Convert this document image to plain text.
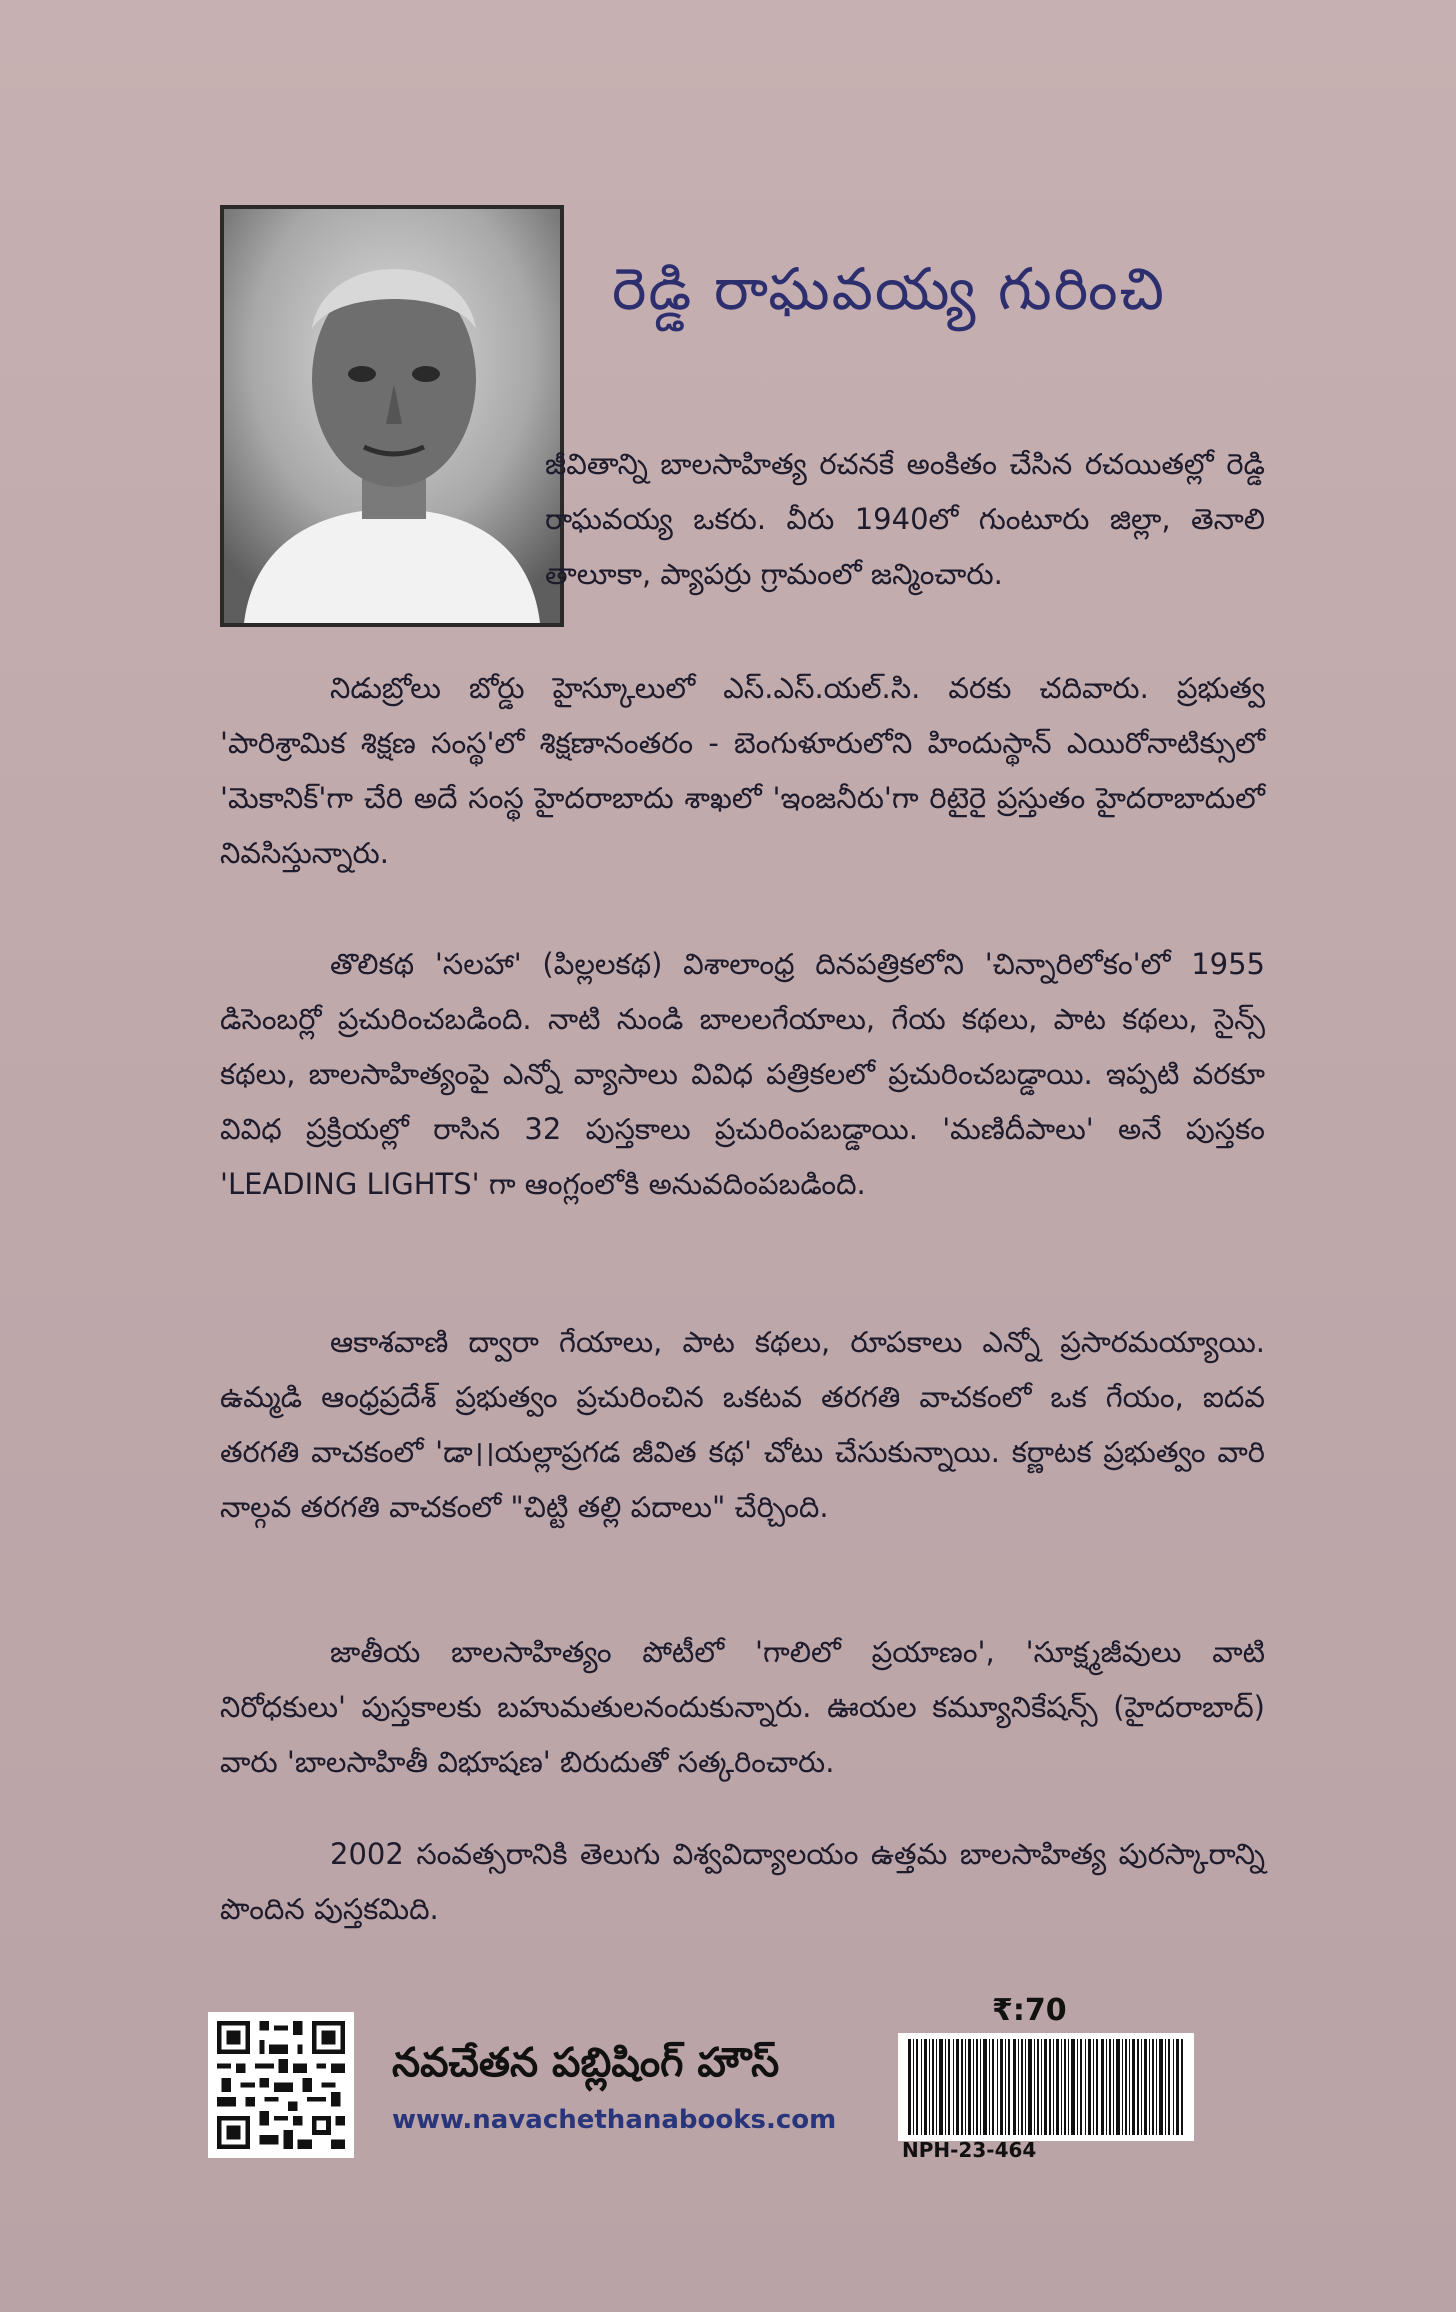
రెడ్డి రాఘవయ్య గురించి

జీవితాన్ని బాలసాహిత్య రచనకే అంకితం చేసిన రచయితల్లో రెడ్డి రాఘవయ్య ఒకరు. వీరు 1940లో గుంటూరు జిల్లా, తెనాలి తాలూకా, ప్యాపర్రు గ్రామంలో జన్మించారు.

నిడుబ్రోలు బోర్డు హైస్కూలులో ఎస్.ఎస్.యల్.సి. వరకు చదివారు. ప్రభుత్వ 'పారిశ్రామిక శిక్షణ సంస్థ'లో శిక్షణానంతరం - బెంగుళూరులోని హిందుస్థాన్ ఎయిరోనాటిక్సులో 'మెకానిక్'గా చేరి అదే సంస్థ హైదరాబాదు శాఖలో 'ఇంజనీరు'గా రిటైరై ప్రస్తుతం హైదరాబాదులో నివసిస్తున్నారు.

తొలికథ 'సలహా' (పిల్లలకథ) విశాలాంధ్ర దినపత్రికలోని 'చిన్నారిలోకం'లో 1955 డిసెంబర్లో ప్రచురించబడింది. నాటి నుండి బాలలగేయాలు, గేయ కథలు, పాట కథలు, సైన్స్ కథలు, బాలసాహిత్యంపై ఎన్నో వ్యాసాలు వివిధ పత్రికలలో ప్రచురించబడ్డాయి. ఇప్పటి వరకూ వివిధ ప్రక్రియల్లో రాసిన 32 పుస్తకాలు ప్రచురింపబడ్డాయి. 'మణిదీపాలు' అనే పుస్తకం 'LEADING LIGHTS' గా ఆంగ్లంలోకి అనువదింపబడింది.

ఆకాశవాణి ద్వారా గేయాలు, పాట కథలు, రూపకాలు ఎన్నో ప్రసారమయ్యాయి. ఉమ్మడి ఆంధ్రప్రదేశ్ ప్రభుత్వం ప్రచురించిన ఒకటవ తరగతి వాచకంలో ఒక గేయం, ఐదవ తరగతి వాచకంలో 'డా।।యల్లాప్రగడ జీవిత కథ' చోటు చేసుకున్నాయి. కర్ణాటక ప్రభుత్వం వారి నాల్గవ తరగతి వాచకంలో "చిట్టి తల్లి పదాలు" చేర్చింది.

జాతీయ బాలసాహిత్యం పోటీలో 'గాలిలో ప్రయాణం', 'సూక్ష్మజీవులు వాటి నిరోధకులు' పుస్తకాలకు బహుమతులనందుకున్నారు. ఊయల కమ్యూనికేషన్స్ (హైదరాబాద్) వారు 'బాలసాహితీ విభూషణ' బిరుదుతో సత్కరించారు.

2002 సంవత్సరానికి తెలుగు విశ్వవిద్యాలయం ఉత్తమ బాలసాహిత్య పురస్కారాన్ని పొందిన పుస్తకమిది.

నవచేతన పబ్లిషింగ్ హౌస్
www.navachethanabooks.com
₹:70
NPH-23-464
